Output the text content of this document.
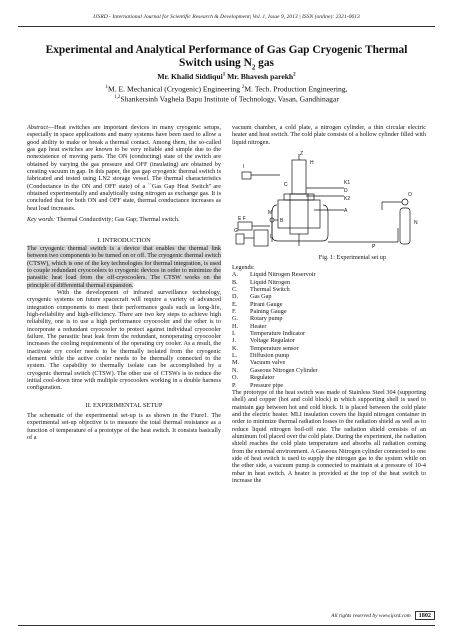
IJSRD - International Journal for Scientific Research & Development| Vol. 1, Issue 9, 2013 | ISSN (online): 2321-0613
Experimental and Analytical Performance of Gas Gap Cryogenic Thermal
Switch using $N_2$ gas
Mr. Khalid Siddiqui$^1$ Mr. Bhavesh parekh$^2$
$^1$M. E. Mechanical (Cryogenic) Engineering $^2$M. Tech. Production Engineering,
$^{1,2}$Shankersinh Vaghela Bapu Institute of Technology, Vasan, Gandhinagar

Abstract—Heat switches are important devices in many cryogenic setups, especially in space applications and many systems have been used to allow a good ability to make or break a thermal contact. Among them, the so-called gas gap heat switches are known to be very reliable and simple due to the nonexistence of moving parts. The ON (conducting) state of the switch are obtained by varying the gas pressure and OFF (insulating) are obtained by creating vacuum in gap. In this paper, the gas gap cryogenic thermal switch is fabricated and tested using LN2 storage vessel. The thermal characteristics (Conductance in the ON and OFF state) of a ``Gas Gap Heat Switch'' are obtained experimentally and analytically using nitrogen as exchange gas. It is concluded that for both ON and OFF state, thermal conductance increases as heat load increases.

Key words: Thermal Conductivity; Gas Gap; Thermal switch.

I. INTRODUCTION

The cryogenic thermal switch is a device that enables the thermal link between two components to be turned on or off. The cryogenic thermal switch (CTSW), which is one of the key technologies for thermal integration, is used to couple redundant cryocoolers to cryogenic devices in order to minimize the parasitic heat load from the off-cryocoolers. The CTSW works on the principle of differential thermal expansion.

With the development of infrared surveillance technology, cryogenic systems on future spacecraft will require a variety of advanced integration components to meet their performance goals such as long-life, high-reliability and high-efficiency. There are two key steps to achieve high reliability, one is to use a high performance cryocooler and the other is to incorporate a redundant cryocooler to protect against individual cryocooler failure. The parasitic heat leak from the redundant, nonoperating cryocooler increases the cooling requirements of the operating cry cooler. As a result, the inactivate cry cooler needs to be thermally isolated from the cryogenic element while the active cooler needs to be thermally connected to the system. The capability to thermally isolate can be accomplished by a cryogenic thermal switch (CTSW). The other use of CTSWs is to reduce the initial cool-down time with multiple cryocoolers working in a double harness configuration.

II. EXPERIMENTAL SETUP

The schematic of the experimental set-up is as shown in the Fiure1. The experimental set-up objective is to measure the total thermal resistance as a function of temperature of a prototype of the heat switch. It consists basically of a

vacuum chamber, a cold plate, a nitrogen cylinder, a thin circular electric heater and heat switch. The cold plate consists of a hollow cylinder filled with liquid nitrogen.

Z
I
H
K1
C
D
K2
A
M
B
E F
L
G
O
N
P
Fig. 1: Experimental set up

Legends:

A.	Liquid Nitrogen Reservoir
B.	Liquid Nitrogen
C.	Thermal Switch
D.	Gas Gap
E.	Pirani Gauge
F.	Paining Gauge
G.	Rotary pump
H.	Heater
I.	Temperature Indicator
J.	Voltage Regulator
K.	Temperature sensor
L.	Diffusion pump
M.	Vacuum valve
N.	Gaseous Nitrogen Cylinder
O.	Regulator
P.	Pressure pipe

The prototype of the heat switch was made of Stainless Steel 304 (supporting shell) and copper (hot and cold block) in which supporting shell is used to maintain gap between hot and cold block. It is placed between the cold plate and the electric heater. MLI insulation covers the liquid nitrogen container in order to minimize thermal radiation losses to the radiation shield as well as to reduce liquid nitrogen boil-off rate. The radiation shield consists of an aluminum foil placed over the cold plate. During the experiment, the radiation shield reaches the cold plate temperature and absorbs all radiation coming from the external environment. A Gaseous Nitrogen cylinder connected to one side of heat switch is used to supply the nitrogen gas to the system while on the other side, a vacuum pump is connected to maintain at a pressure of 10-4 mbar in heat switch. A heater is provided at the top of the heat switch to increase the

All rights reserved by www.ijsrd.com 1802
